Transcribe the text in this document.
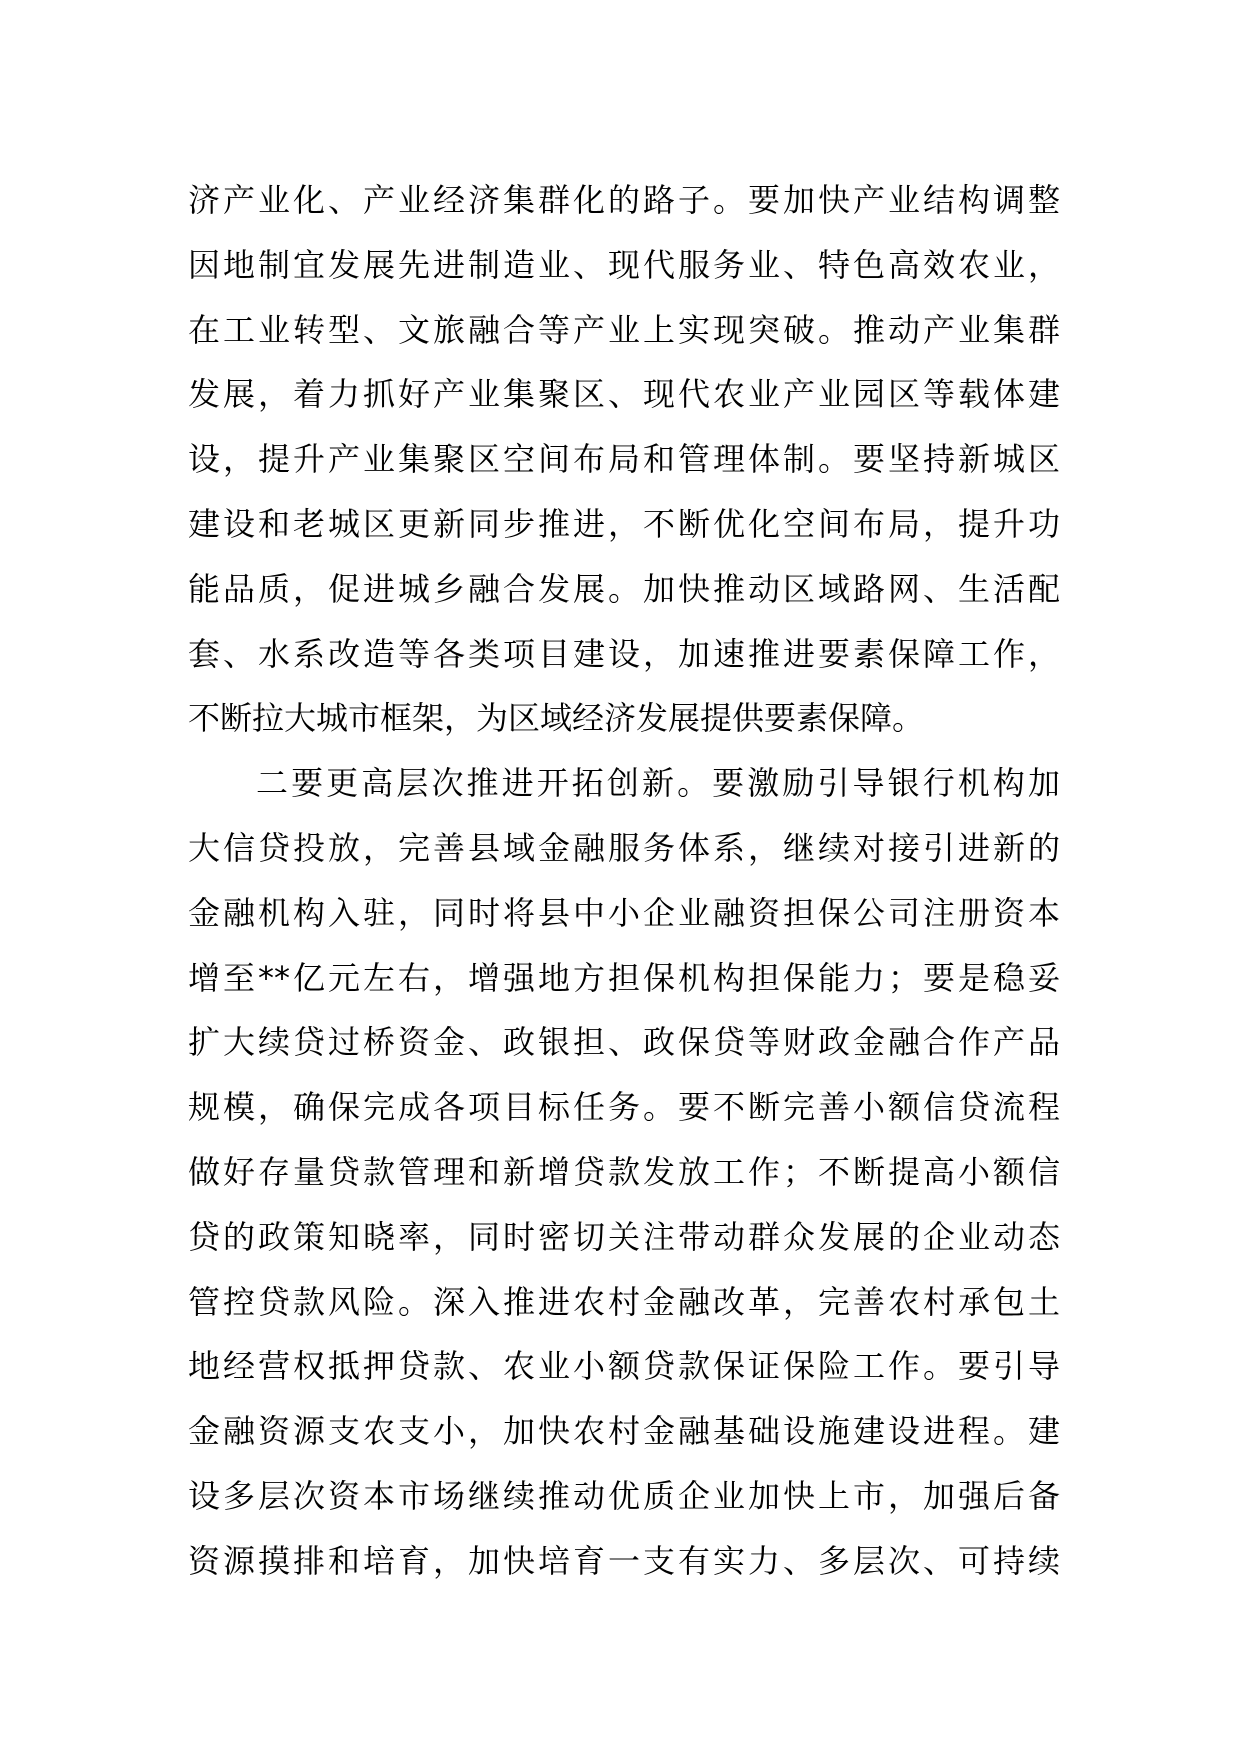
济产业化、产业经济集群化的路子。要加快产业结构调整
因地制宜发展先进制造业、现代服务业、特色高效农业，
在工业转型、文旅融合等产业上实现突破。推动产业集群
发展，着力抓好产业集聚区、现代农业产业园区等载体建
设，提升产业集聚区空间布局和管理体制。要坚持新城区
建设和老城区更新同步推进，不断优化空间布局，提升功
能品质，促进城乡融合发展。加快推动区域路网、生活配
套、水系改造等各类项目建设，加速推进要素保障工作，
不断拉大城市框架，为区域经济发展提供要素保障。
二要更高层次推进开拓创新。要激励引导银行机构加
大信贷投放，完善县域金融服务体系，继续对接引进新的
金融机构入驻，同时将县中小企业融资担保公司注册资本
增至**亿元左右，增强地方担保机构担保能力；要是稳妥
扩大续贷过桥资金、政银担、政保贷等财政金融合作产品
规模，确保完成各项目标任务。要不断完善小额信贷流程
做好存量贷款管理和新增贷款发放工作；不断提高小额信
贷的政策知晓率，同时密切关注带动群众发展的企业动态
管控贷款风险。深入推进农村金融改革，完善农村承包土
地经营权抵押贷款、农业小额贷款保证保险工作。要引导
金融资源支农支小，加快农村金融基础设施建设进程。建
设多层次资本市场继续推动优质企业加快上市，加强后备
资源摸排和培育，加快培育一支有实力、多层次、可持续
